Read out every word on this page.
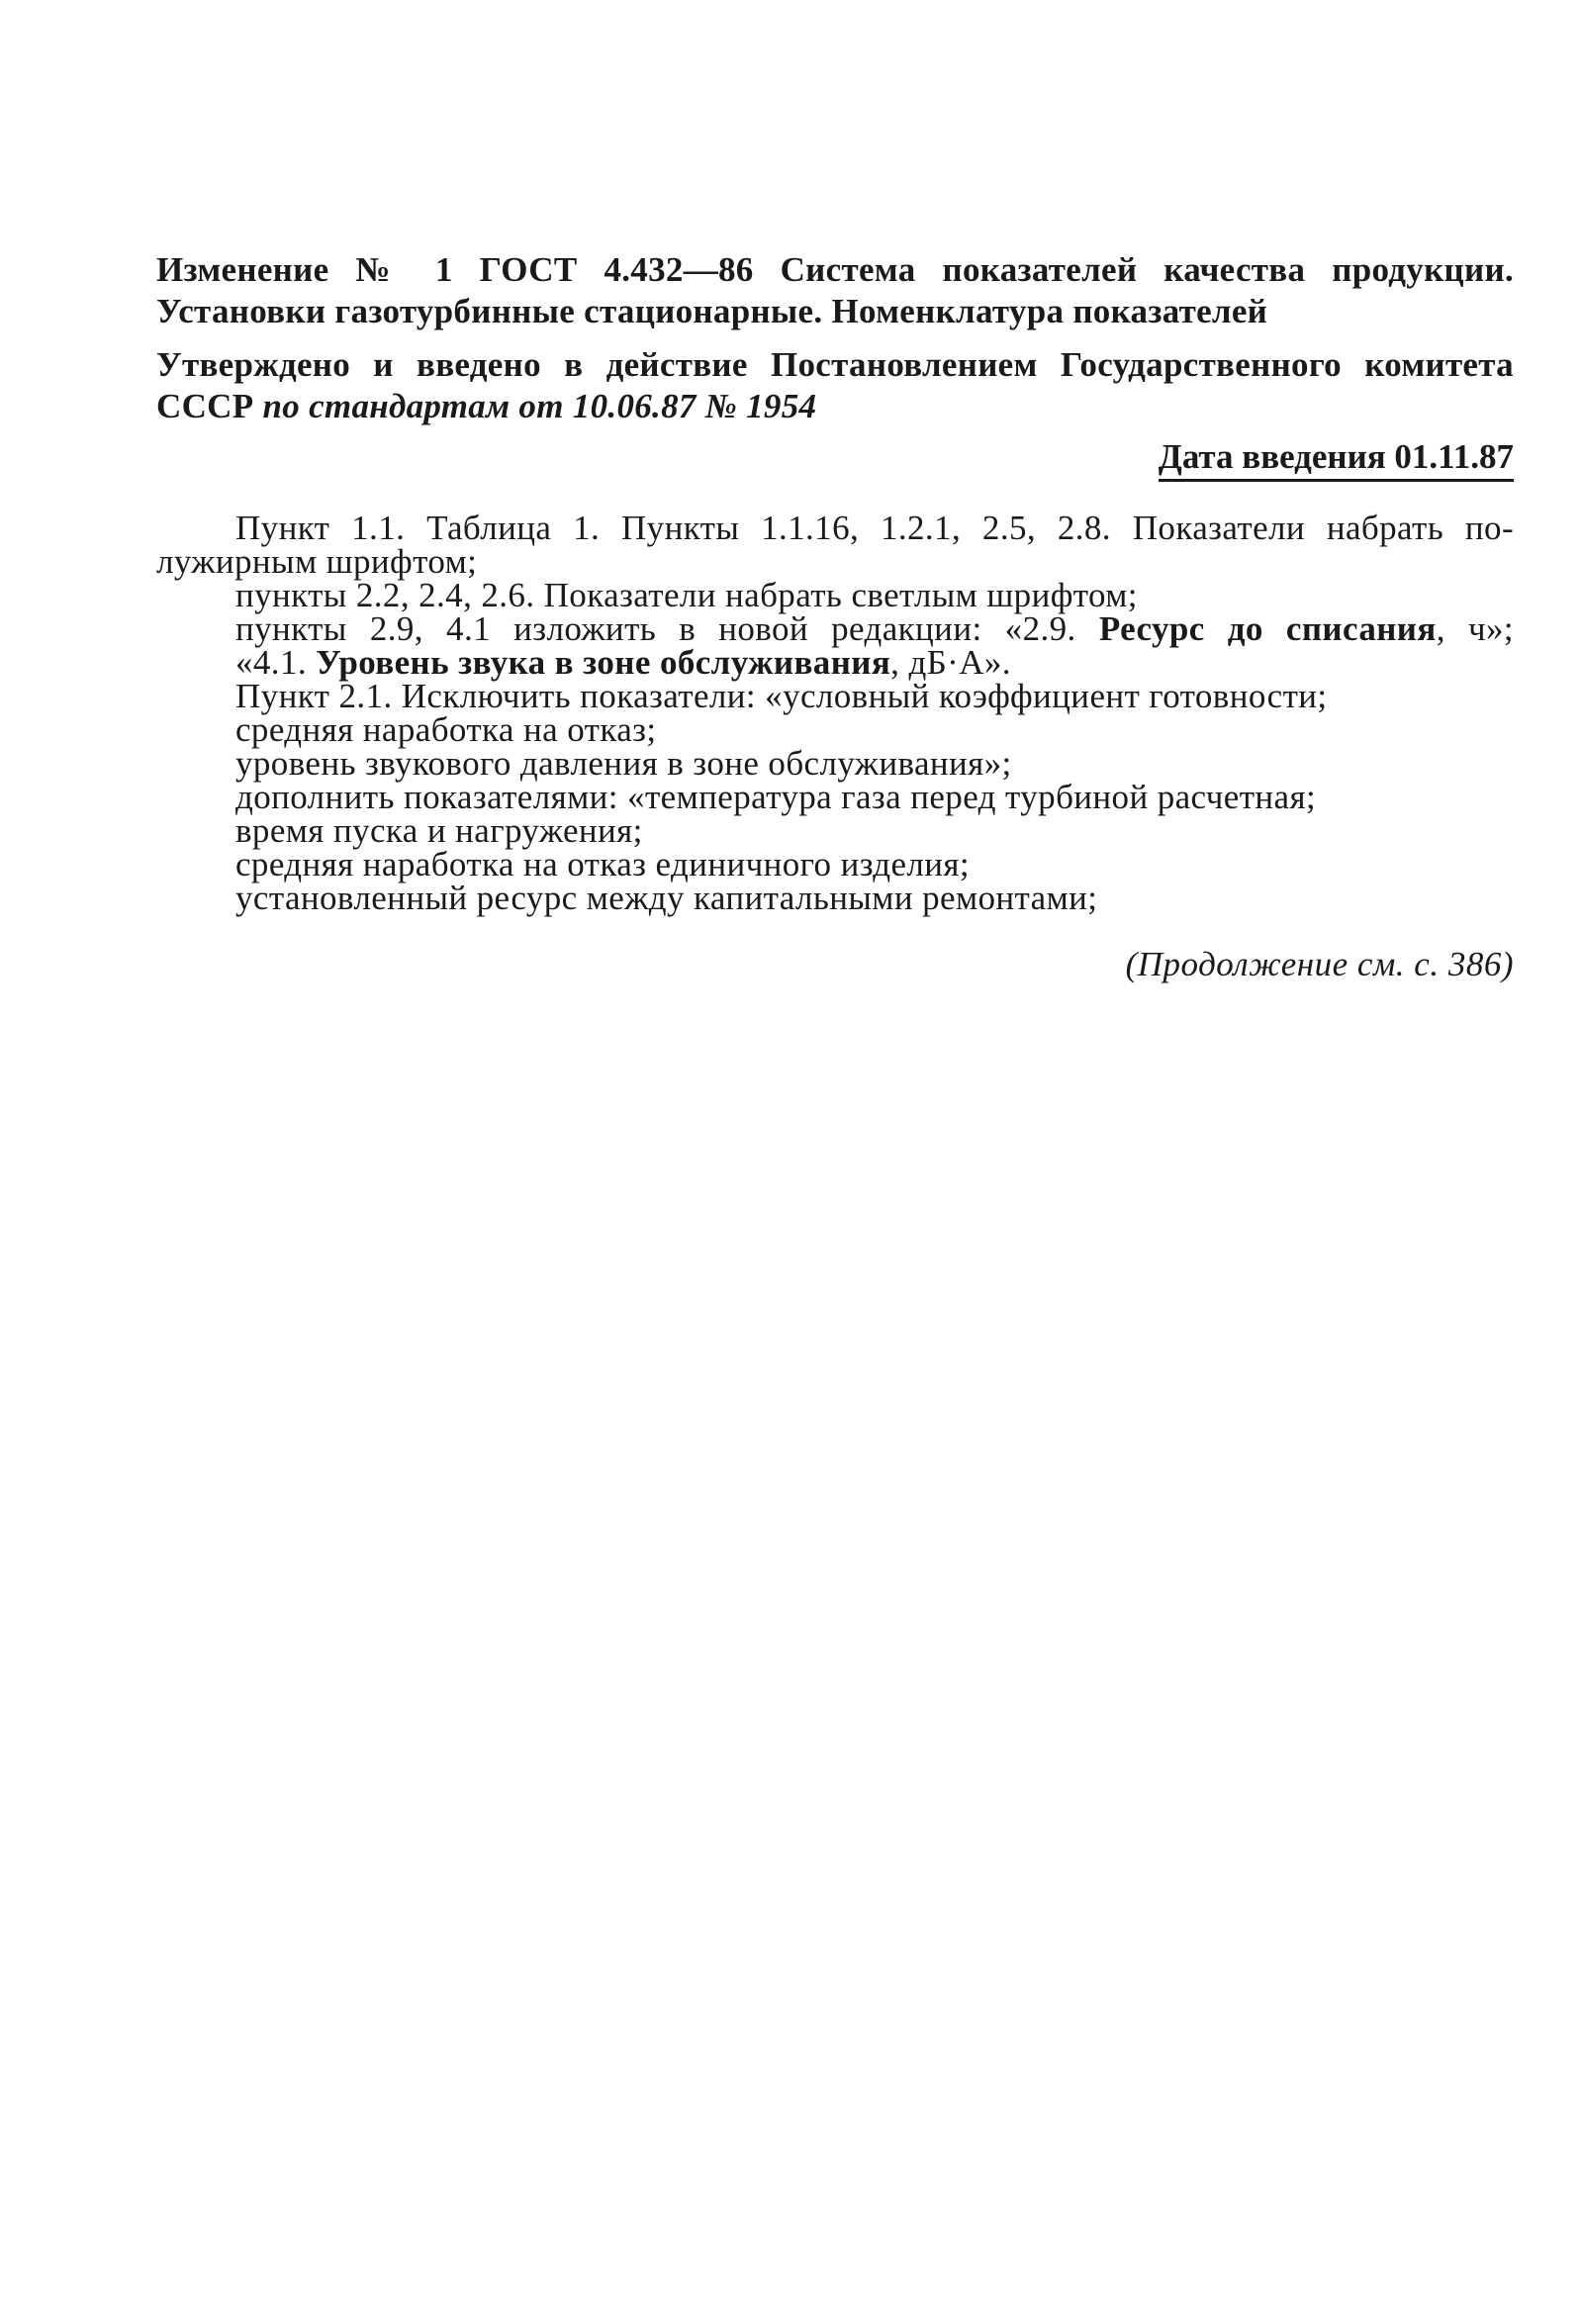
Изменение № 1 ГОСТ 4.432—86 Система показателей качества продукции.
Установки газотурбинные стационарные. Номенклатура показателей
Утверждено и введено в действие Постановлением Государственного комитета
СССР по стандартам от 10.06.87 № 1954
Дата введения 01.11.87
Пункт 1.1. Таблица 1. Пункты 1.1.16, 1.2.1, 2.5, 2.8. Показатели набрать по-
лужирным шрифтом;
пункты 2.2, 2.4, 2.6. Показатели набрать светлым шрифтом;
пункты 2.9, 4.1 изложить в новой редакции: «2.9. Ресурс до списания, ч»;
«4.1. Уровень звука в зоне обслуживания, дБ·А».
Пункт 2.1. Исключить показатели: «условный коэффициент готовности;
средняя наработка на отказ;
уровень звукового давления в зоне обслуживания»;
дополнить показателями: «температура газа перед турбиной расчетная;
время пуска и нагружения;
средняя наработка на отказ единичного изделия;
установленный ресурс между капитальными ремонтами;
(Продолжение см. с. 386)
